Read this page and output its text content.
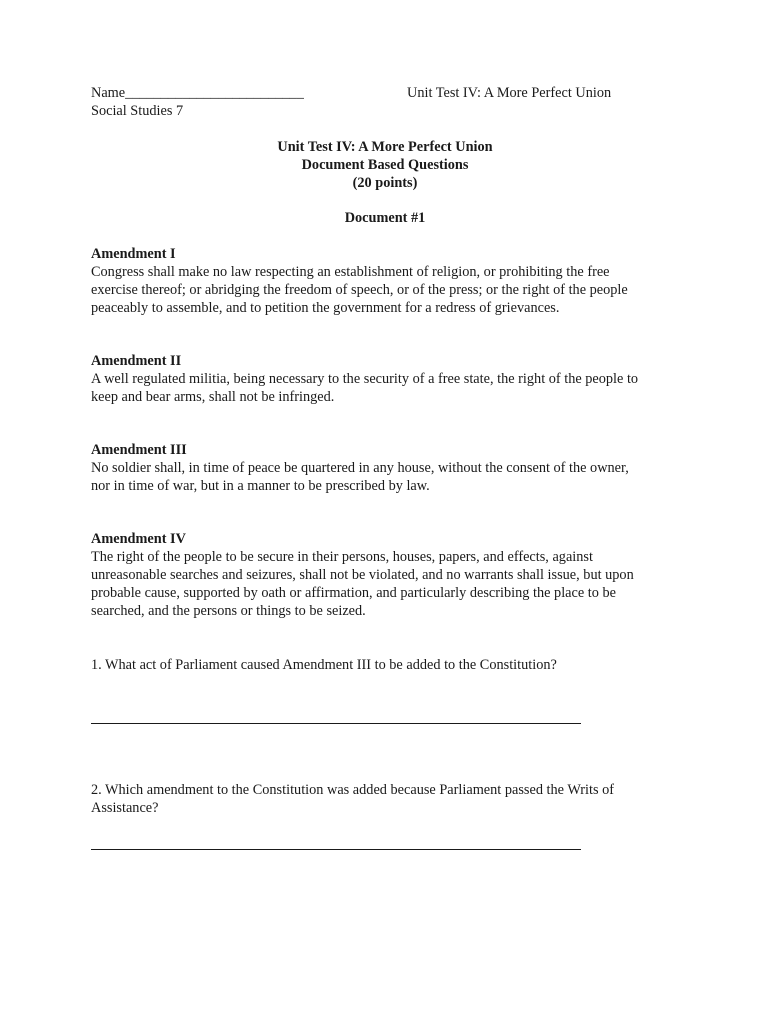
Name_________________________	Unit Test IV: A More Perfect Union
Social Studies 7
Unit Test IV: A More Perfect Union
Document Based Questions
(20 points)
Document #1
Amendment I
Congress shall make no law respecting an establishment of religion, or prohibiting the free
exercise thereof; or abridging the freedom of speech, or of the press; or the right of the people
peaceably to assemble, and to petition the government for a redress of grievances.
Amendment II
A well regulated militia, being necessary to the security of a free state, the right of the people to
keep and bear arms, shall not be infringed.
Amendment III
No soldier shall, in time of peace be quartered in any house, without the consent of the owner,
nor in time of war, but in a manner to be prescribed by law.
Amendment IV
The right of the people to be secure in their persons, houses, papers, and effects, against
unreasonable searches and seizures, shall not be violated, and no warrants shall issue, but upon
probable cause, supported by oath or affirmation, and particularly describing the place to be
searched, and the persons or things to be seized.
1. What act of Parliament caused Amendment III to be added to the Constitution?
2. Which amendment to the Constitution was added because Parliament passed the Writs of
Assistance?
